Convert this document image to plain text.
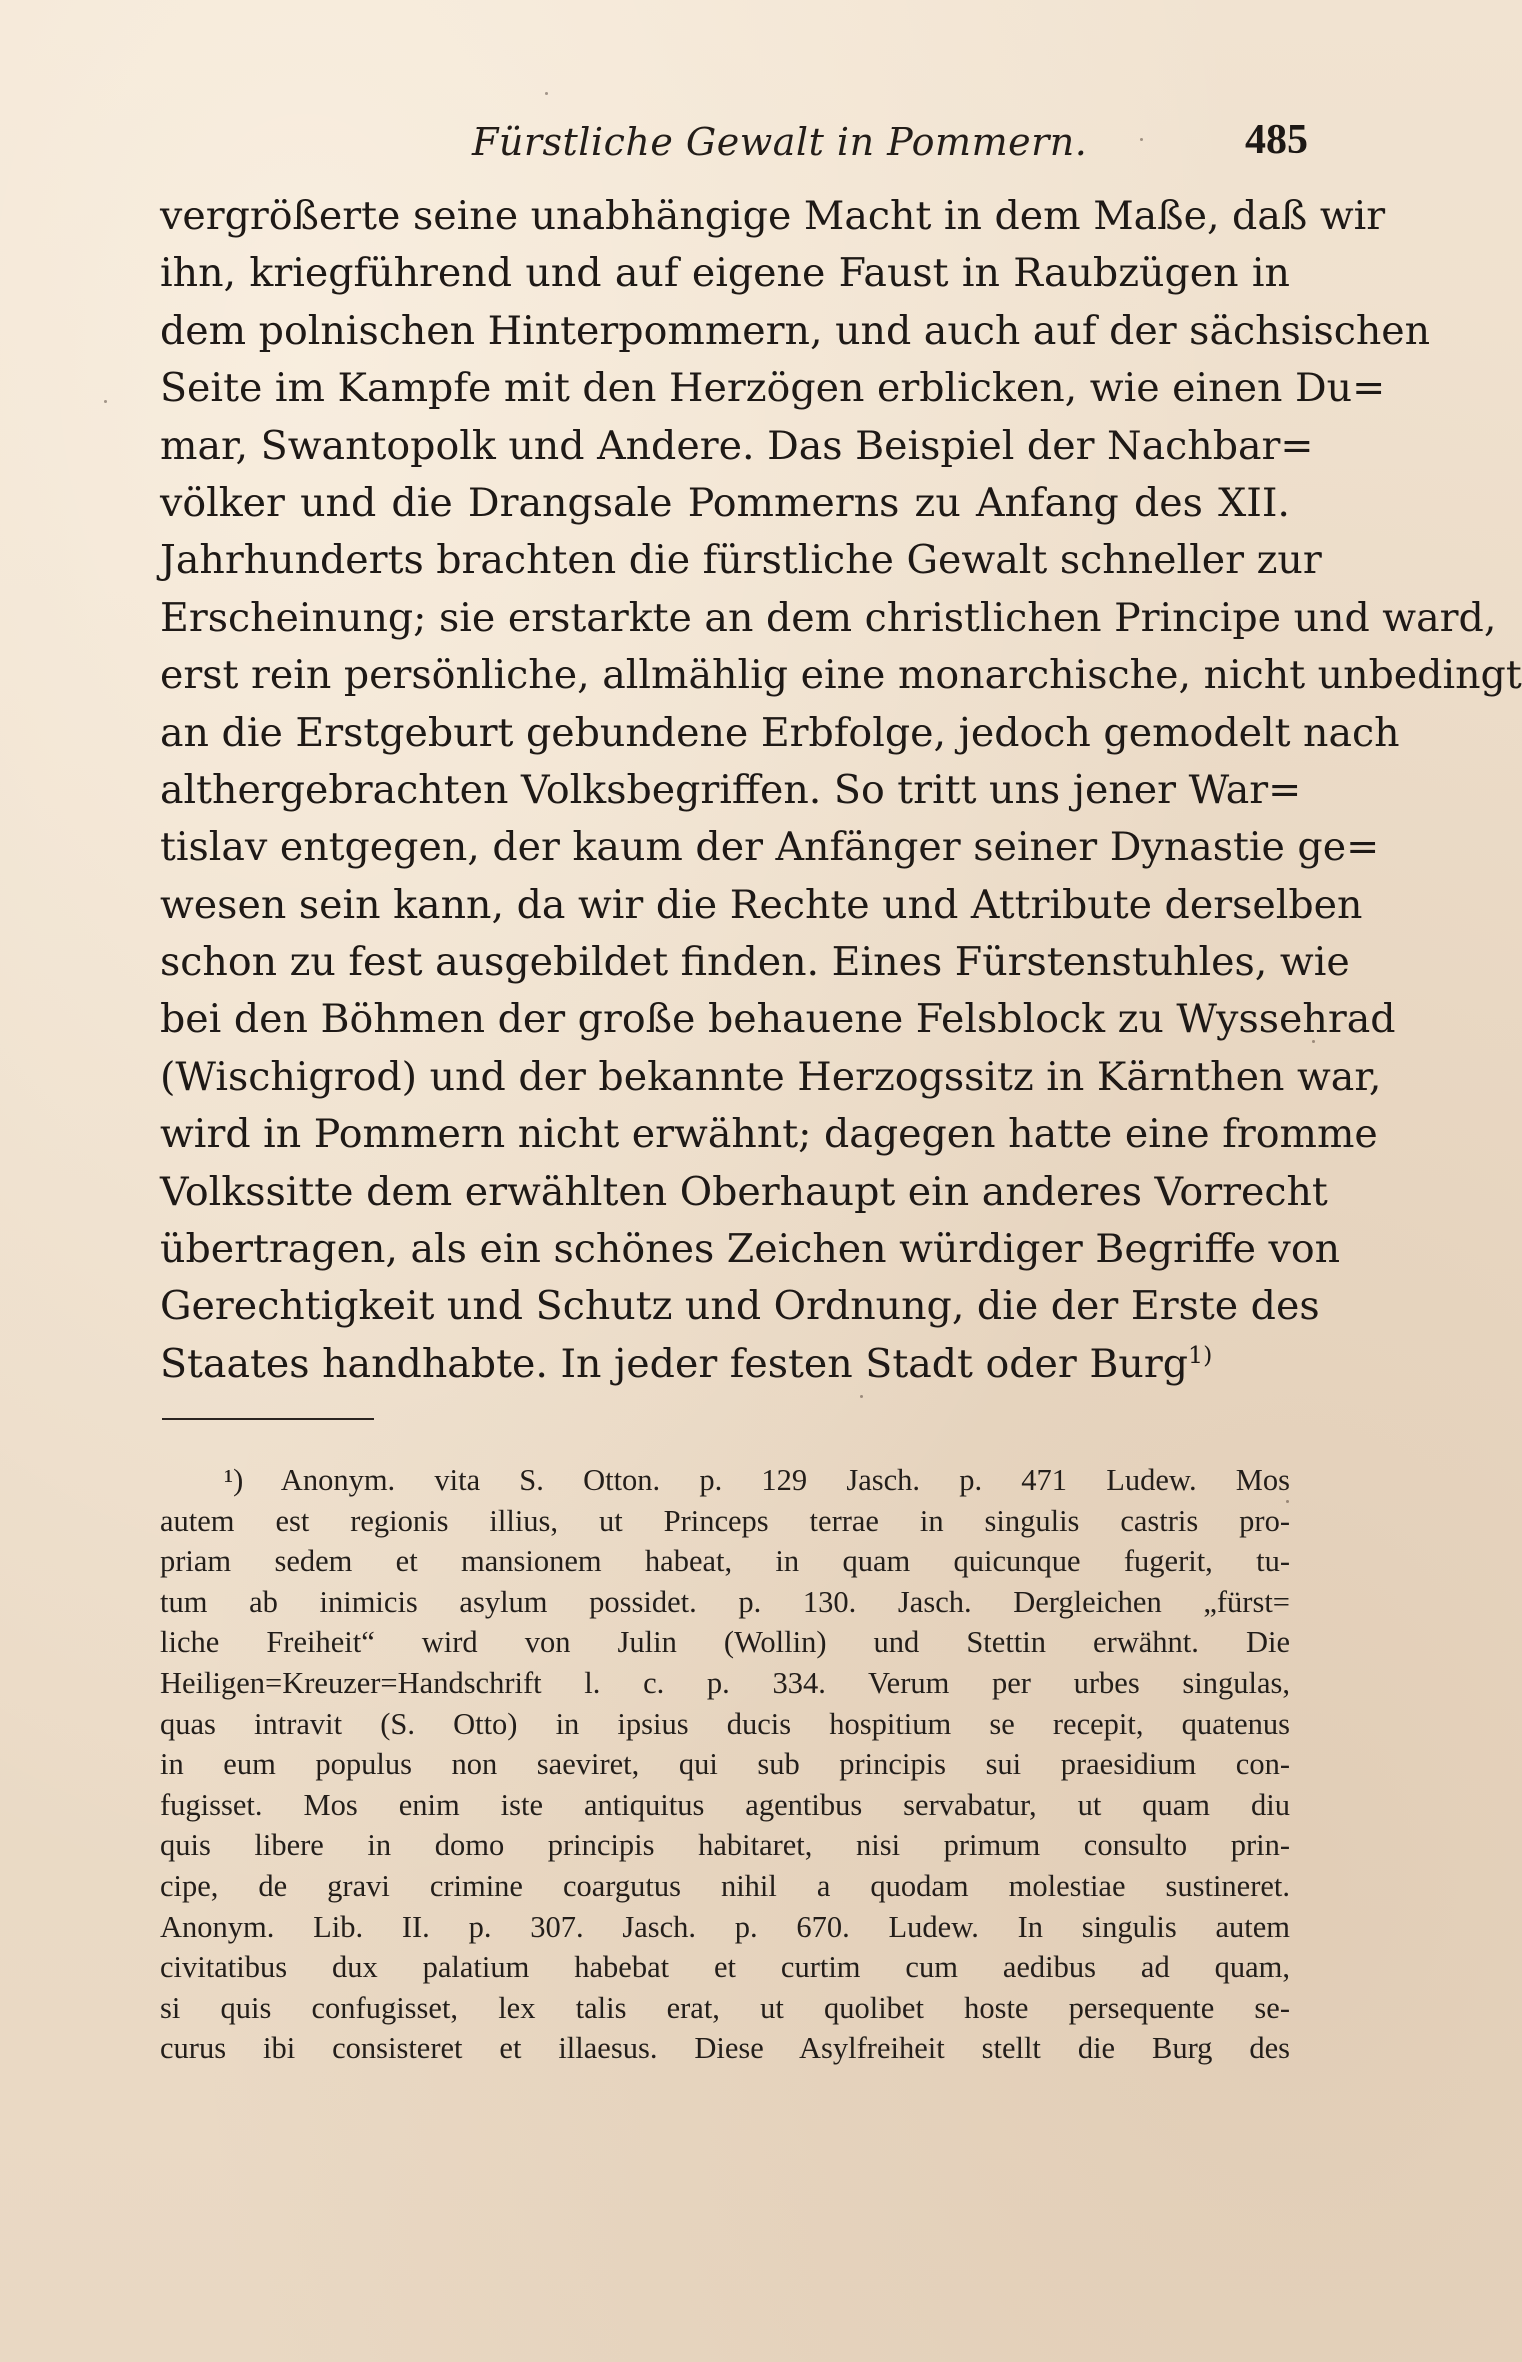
Fürstliche Gewalt in Pommern.	485
vergrößerte seine unabhängige Macht in dem Maße, daß wir
ihn, kriegführend und auf eigene Faust in Raubzügen in
dem polnischen Hinterpommern, und auch auf der sächsischen
Seite im Kampfe mit den Herzögen erblicken, wie einen Du=
mar, Swantopolk und Andere. Das Beispiel der Nachbar=
völker und die Drangsale Pommerns zu Anfang des XII.
Jahrhunderts brachten die fürstliche Gewalt schneller zur
Erscheinung; sie erstarkte an dem christlichen Principe und ward,
erst rein persönliche, allmählig eine monarchische, nicht unbedingt
an die Erstgeburt gebundene Erbfolge, jedoch gemodelt nach
althergebrachten Volksbegriffen. So tritt uns jener War=
tislav entgegen, der kaum der Anfänger seiner Dynastie ge=
wesen sein kann, da wir die Rechte und Attribute derselben
schon zu fest ausgebildet finden. Eines Fürstenstuhles, wie
bei den Böhmen der große behauene Felsblock zu Wyssehrad
(Wischigrod) und der bekannte Herzogssitz in Kärnthen war,
wird in Pommern nicht erwähnt; dagegen hatte eine fromme
Volkssitte dem erwählten Oberhaupt ein anderes Vorrecht
übertragen, als ein schönes Zeichen würdiger Begriffe von
Gerechtigkeit und Schutz und Ordnung, die der Erste des
Staates handhabte. In jeder festen Stadt oder Burg$^{1)}$
¹) Anonym. vita S. Otton. p. 129 Jasch. p. 471 Ludew. Mos
autem est regionis illius, ut Princeps terrae in singulis castris pro-
priam sedem et mansionem habeat, in quam quicunque fugerit, tu-
tum ab inimicis asylum possidet. p. 130. Jasch. Dergleichen „fürst=
liche Freiheit“ wird von Julin (Wollin) und Stettin erwähnt. Die
Heiligen=Kreuzer=Handschrift l. c. p. 334. Verum per urbes singulas,
quas intravit (S. Otto) in ipsius ducis hospitium se recepit, quatenus
in eum populus non saeviret, qui sub principis sui praesidium con-
fugisset. Mos enim iste antiquitus agentibus servabatur, ut quam diu
quis libere in domo principis habitaret, nisi primum consulto prin-
cipe, de gravi crimine coargutus nihil a quodam molestiae sustineret.
Anonym. Lib. II. p. 307. Jasch. p. 670. Ludew. In singulis autem
civitatibus dux palatium habebat et curtim cum aedibus ad quam,
si quis confugisset, lex talis erat, ut quolibet hoste persequente se-
curus ibi consisteret et illaesus. Diese Asylfreiheit stellt die Burg des
